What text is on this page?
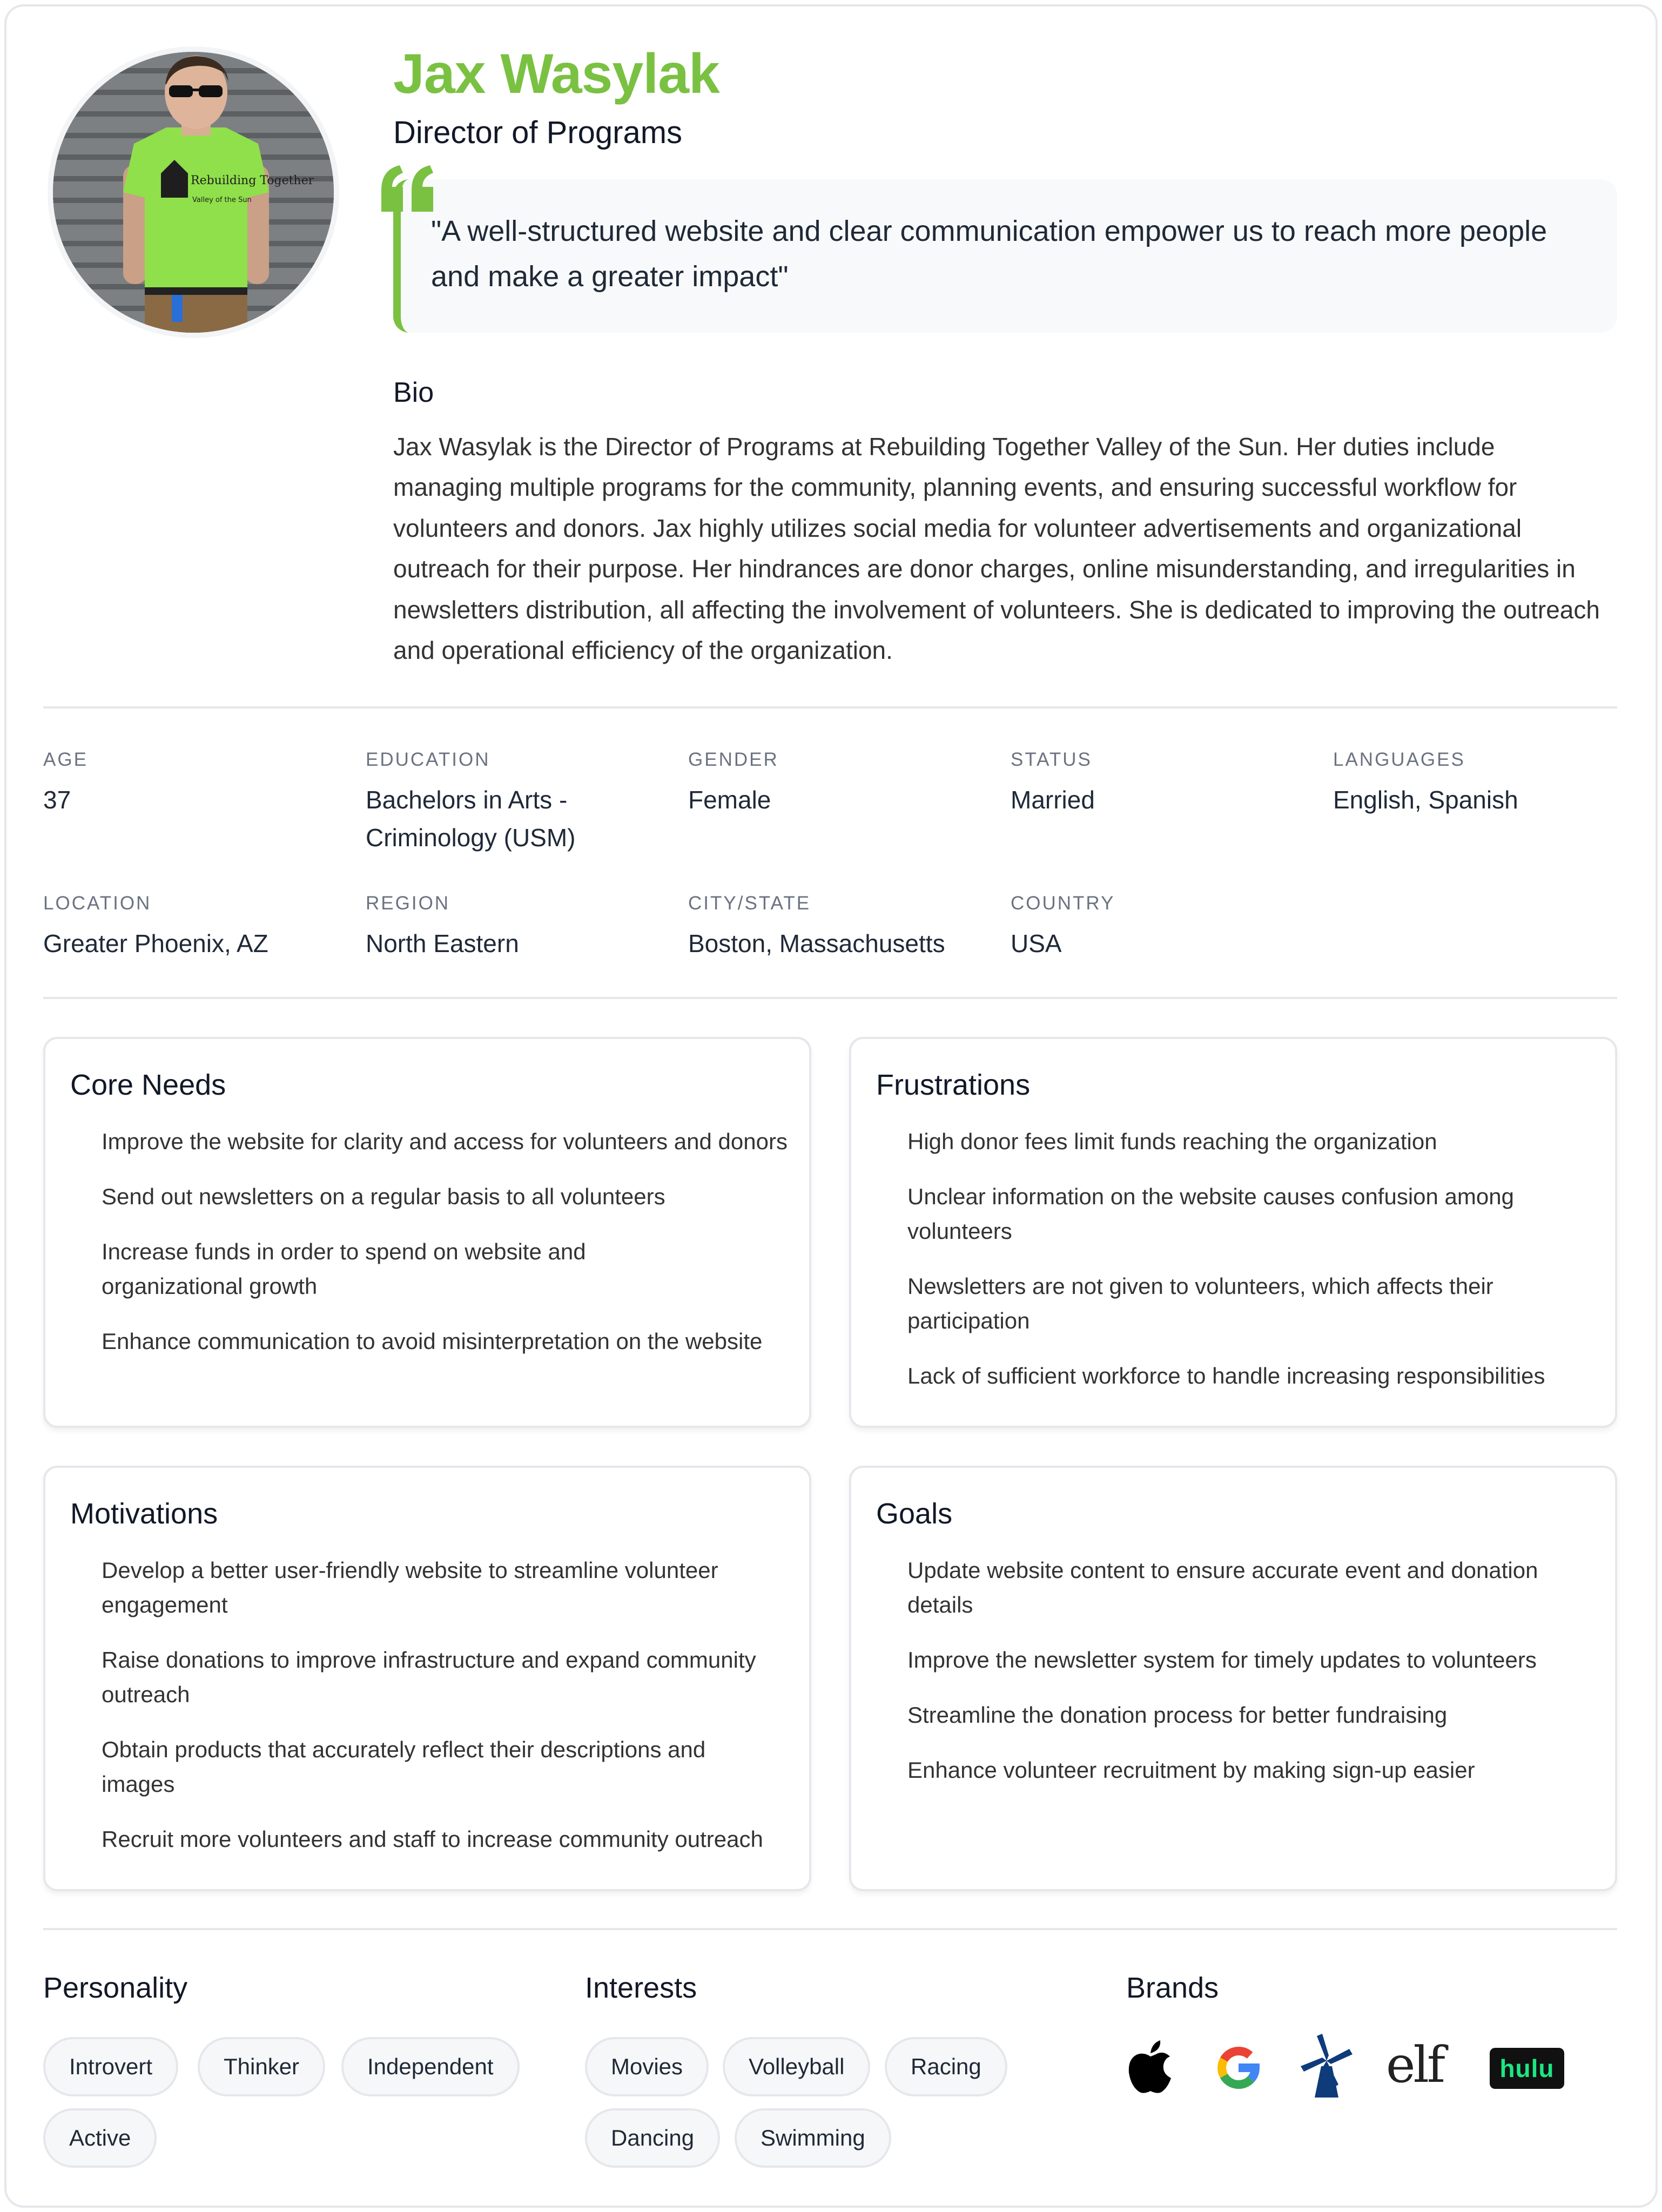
Rebuilding Together
Valley of the Sun
Jax Wasylak
Director of Programs
"A well-structured website and clear communication empower us to reach more people and make a greater impact"
Bio
Jax Wasylak is the Director of Programs at Rebuilding Together Valley of the Sun. Her duties include managing multiple programs for the community, planning events, and ensuring successful workflow for volunteers and donors. Jax highly utilizes social media for volunteer advertisements and organizational outreach for their purpose. Her hindrances are donor charges, online misunderstanding, and irregularities in newsletters distribution, all affecting the involvement of volunteers. She is dedicated to improving the outreach and operational efficiency of the organization.
AGE
37
EDUCATION
Bachelors in Arts - Criminology (USM)
GENDER
Female
STATUS
Married
LANGUAGES
English, Spanish
LOCATION
Greater Phoenix, AZ
REGION
North Eastern
CITY/STATE
Boston, Massachusetts
COUNTRY
USA
Core Needs
Improve the website for clarity and access for volunteers and donors
Send out newsletters on a regular basis to all volunteers
Increase funds in order to spend on website and organizational growth
Enhance communication to avoid misinterpretation on the website
Frustrations
High donor fees limit funds reaching the organization
Unclear information on the website causes confusion among volunteers
Newsletters are not given to volunteers, which affects their participation
Lack of sufficient workforce to handle increasing responsibilities
Motivations
Develop a better user-friendly website to streamline volunteer engagement
Raise donations to improve infrastructure and expand community outreach
Obtain products that accurately reflect their descriptions and images
Recruit more volunteers and staff to increase community outreach
Goals
Update website content to ensure accurate event and donation details
Improve the newsletter system for timely updates to volunteers
Streamline the donation process for better fundraising
Enhance volunteer recruitment by making sign-up easier
Personality
Introvert	Thinker	Independent
Active
Interests
Movies	Volleyball	Racing
Dancing	Swimming
Brands
elf	hulu
